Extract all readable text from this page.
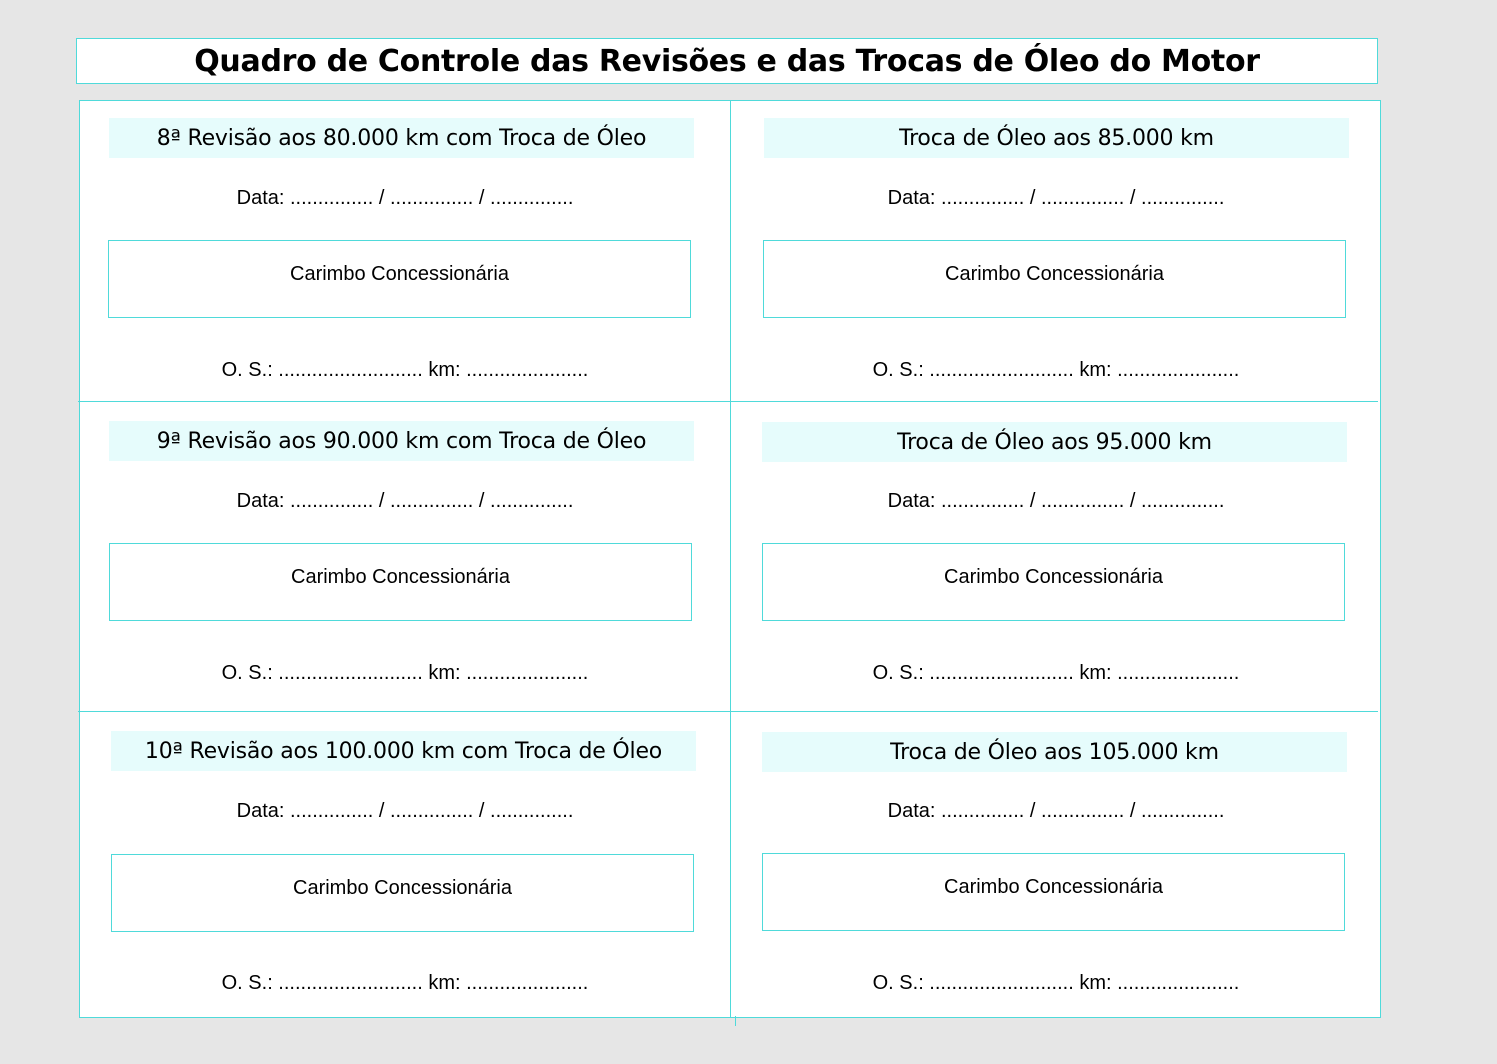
Quadro de Controle das Revisões e das Trocas de Óleo do Motor
8ª Revisão aos 80.000 km com Troca de Óleo
Data: ............... / ............... / ...............
Carimbo Concessionária
O. S.: .......................... km: ......................
Troca de Óleo aos 85.000 km
Data: ............... / ............... / ...............
Carimbo Concessionária
O. S.: .......................... km: ......................
9ª Revisão aos 90.000 km com Troca de Óleo
Data: ............... / ............... / ...............
Carimbo Concessionária
O. S.: .......................... km: ......................
Troca de Óleo aos 95.000 km
Data: ............... / ............... / ...............
Carimbo Concessionária
O. S.: .......................... km: ......................
10ª Revisão aos 100.000 km com Troca de Óleo
Data: ............... / ............... / ...............
Carimbo Concessionária
O. S.: .......................... km: ......................
Troca de Óleo aos 105.000 km
Data: ............... / ............... / ...............
Carimbo Concessionária
O. S.: .......................... km: ......................
